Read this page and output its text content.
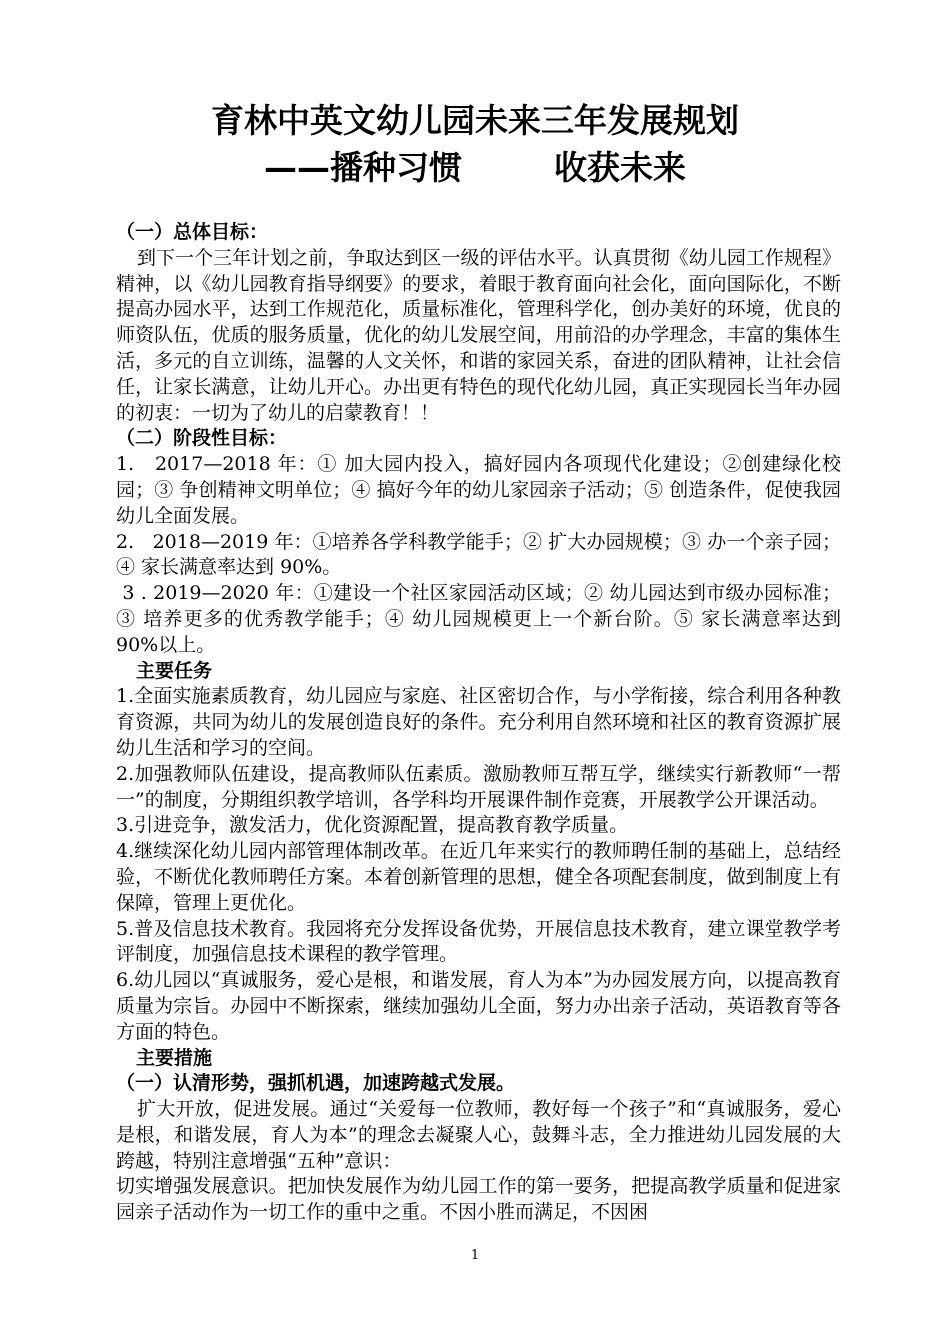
育林中英文幼儿园未来三年发展规划
——播种习惯        收获未来

（一）总体目标：

到下一个三年计划之前，争取达到区一级的评估水平。认真贯彻《幼儿园工作规程》精神，以《幼儿园教育指导纲要》的要求，着眼于教育面向社会化，面向国际化，不断提高办园水平，达到工作规范化，质量标准化，管理科学化，创办美好的环境，优良的师资队伍，优质的服务质量，优化的幼儿发展空间，用前沿的办学理念，丰富的集体生活，多元的自立训练，温馨的人文关怀，和谐的家园关系，奋进的团队精神，让社会信任，让家长满意，让幼儿开心。办出更有特色的现代化幼儿园，真正实现园长当年办园的初衷：一切为了幼儿的启蒙教育！！

（二）阶段性目标：

1.   2017—2018 年：① 加大园内投入，搞好园内各项现代化建设；②创建绿化校园；③ 争创精神文明单位；④ 搞好今年的幼儿家园亲子活动；⑤ 创造条件，促使我园幼儿全面发展。

2.   2018—2019 年：①培养各学科教学能手；② 扩大办园规模；③ 办一个亲子园；④ 家长满意率达到 90%。

3 . 2019—2020 年：①建设一个社区家园活动区域；② 幼儿园达到市级办园标准；③ 培养更多的优秀教学能手；④ 幼儿园规模更上一个新台阶。⑤ 家长满意率达到 90%以上。

主要任务

1.全面实施素质教育，幼儿园应与家庭、社区密切合作，与小学衔接，综合利用各种教育资源，共同为幼儿的发展创造良好的条件。充分利用自然环境和社区的教育资源扩展幼儿生活和学习的空间。

2.加强教师队伍建设，提高教师队伍素质。激励教师互帮互学，继续实行新教师“一帮一”的制度，分期组织教学培训，各学科均开展课件制作竞赛，开展教学公开课活动。

3.引进竞争，激发活力，优化资源配置，提高教育教学质量。

4.继续深化幼儿园内部管理体制改革。在近几年来实行的教师聘任制的基础上，总结经验，不断优化教师聘任方案。本着创新管理的思想，健全各项配套制度，做到制度上有保障，管理上更优化。

5.普及信息技术教育。我园将充分发挥设备优势，开展信息技术教育，建立课堂教学考评制度，加强信息技术课程的教学管理。

6.幼儿园以“真诚服务，爱心是根，和谐发展，育人为本”为办园发展方向，以提高教育质量为宗旨。办园中不断探索，继续加强幼儿全面，努力办出亲子活动，英语教育等各方面的特色。

主要措施

（一）认清形势，强抓机遇，加速跨越式发展。

扩大开放，促进发展。通过“关爱每一位教师，教好每一个孩子”和“真诚服务，爱心是根，和谐发展，育人为本”的理念去凝聚人心，鼓舞斗志，全力推进幼儿园发展的大跨越，特别注意增强“五种”意识：

切实增强发展意识。把加快发展作为幼儿园工作的第一要务，把提高教学质量和促进家园亲子活动作为一切工作的重中之重。不因小胜而满足，不因困

1
